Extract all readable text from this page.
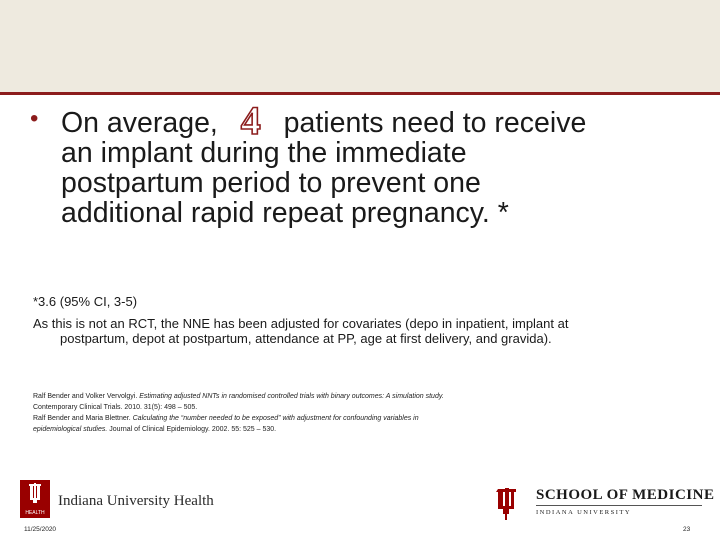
• On average, 4 patients need to receive
an implant during the immediate
postpartum period to prevent one
additional rapid repeat pregnancy. *
*3.6 (95% CI, 3-5)
As this is not an RCT, the NNE has been adjusted for covariates (depo in inpatient, implant at
postpartum, depot at postpartum, attendance at PP, age at first delivery, and gravida).
Ralf Bender and Volker Vervolgyi. Estimating adjusted NNTs in randomised controlled trials with binary outcomes: A simulation study.
Contemporary Clinical Trials. 2010. 31(5): 498 – 505.
Ralf Bender and Maria Blettner. Calculating the “number needed to be exposed” with adjustment for confounding variables in
epidemiological studies. Journal of Clinical Epidemiology. 2002. 55: 525 – 530.
HEALTH
Indiana University Health	SCHOOL OF MEDICINE
INDIANA UNIVERSITY
11/25/2020	23
